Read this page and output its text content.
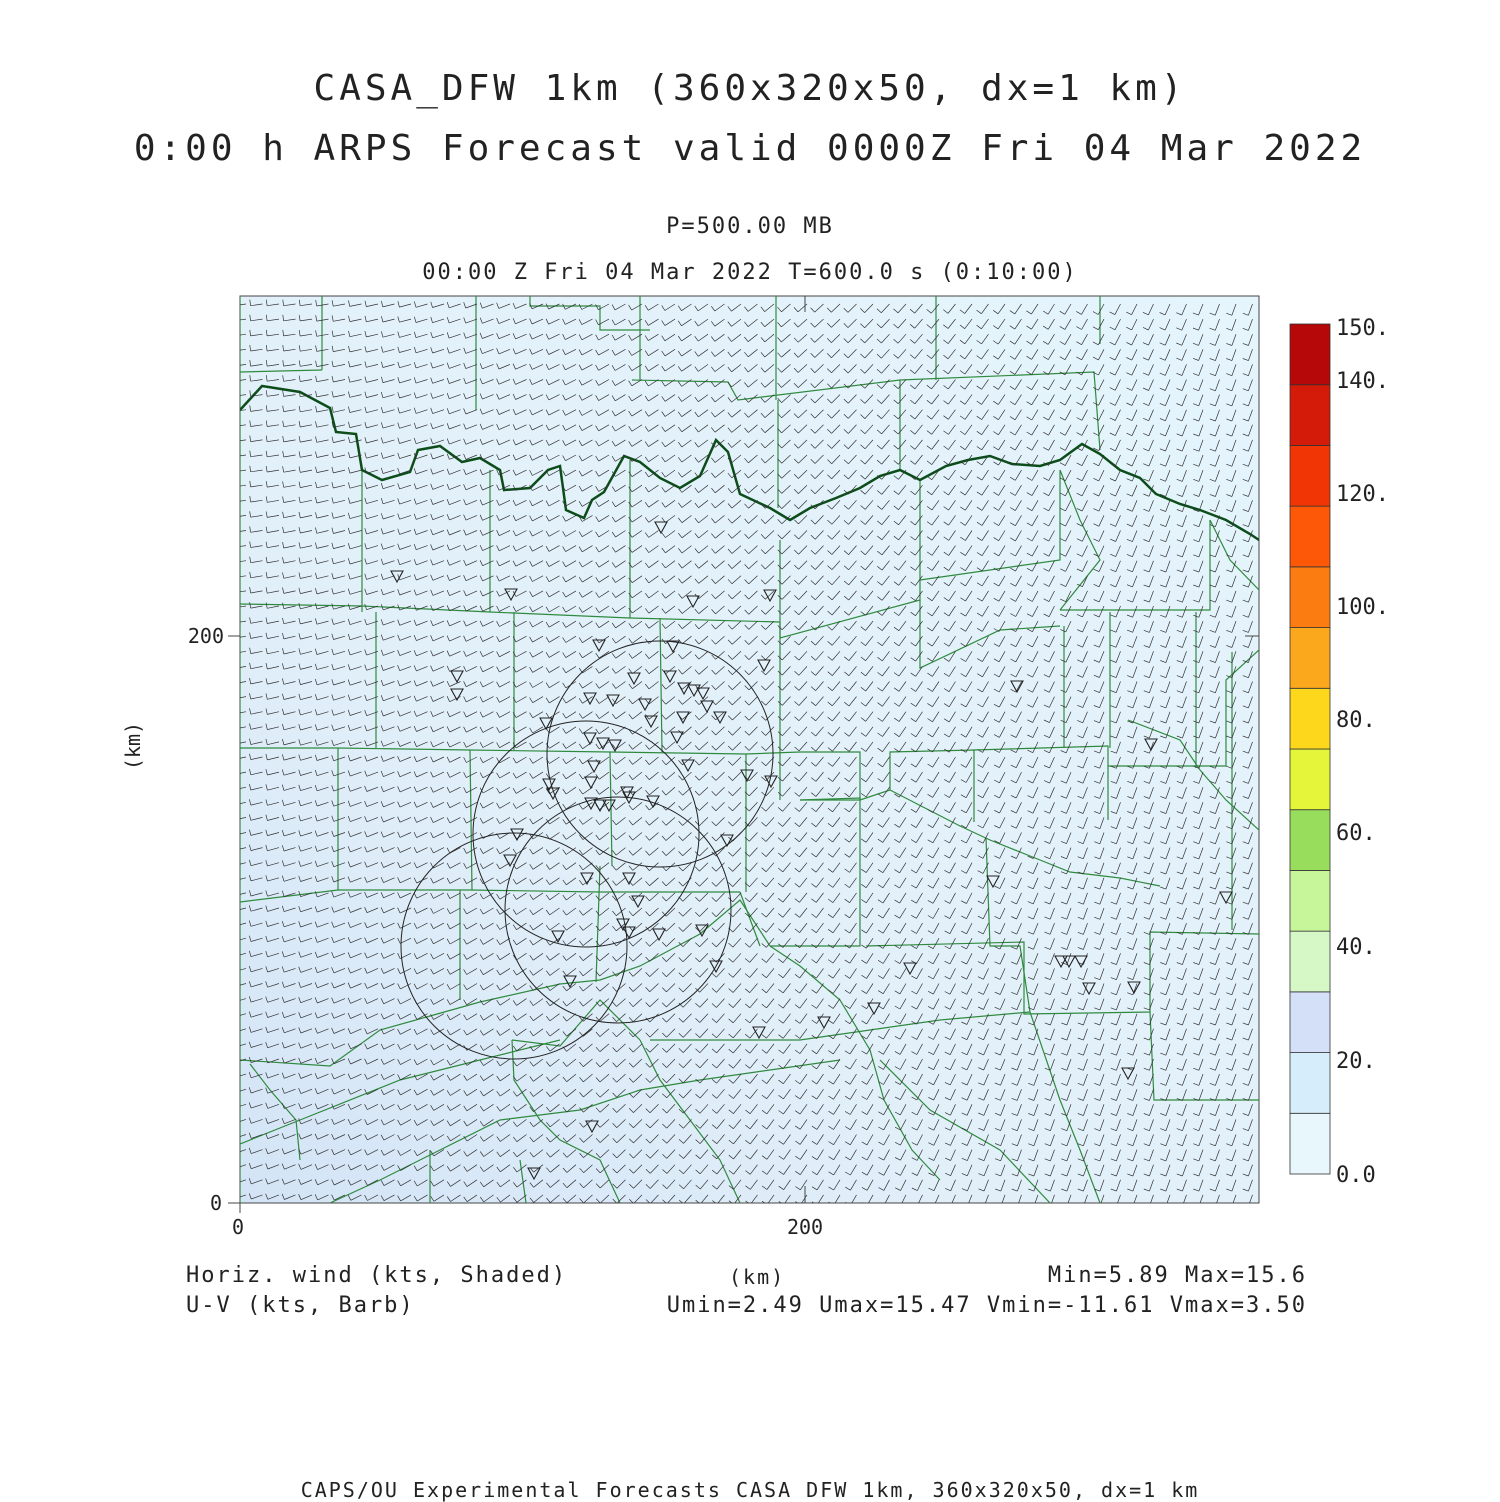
CASA_DFW 1km (360x320x50, dx=1 km)
0:00 h ARPS Forecast valid 0000Z Fri 04 Mar 2022
P=500.00 MB
00:00 Z Fri 04 Mar 2022 T=600.0 s (0:10:00)
0	200
0
200
(km)
150.
140.
120.
100.
80.
60.
40.
20.
0.0
Horiz. wind (kts, Shaded)
U-V (kts, Barb)
(km)	Min=5.89 Max=15.6
Umin=2.49 Umax=15.47 Vmin=-11.61 Vmax=3.50
CAPS/OU Experimental Forecasts CASA DFW 1km, 360x320x50, dx=1 km
